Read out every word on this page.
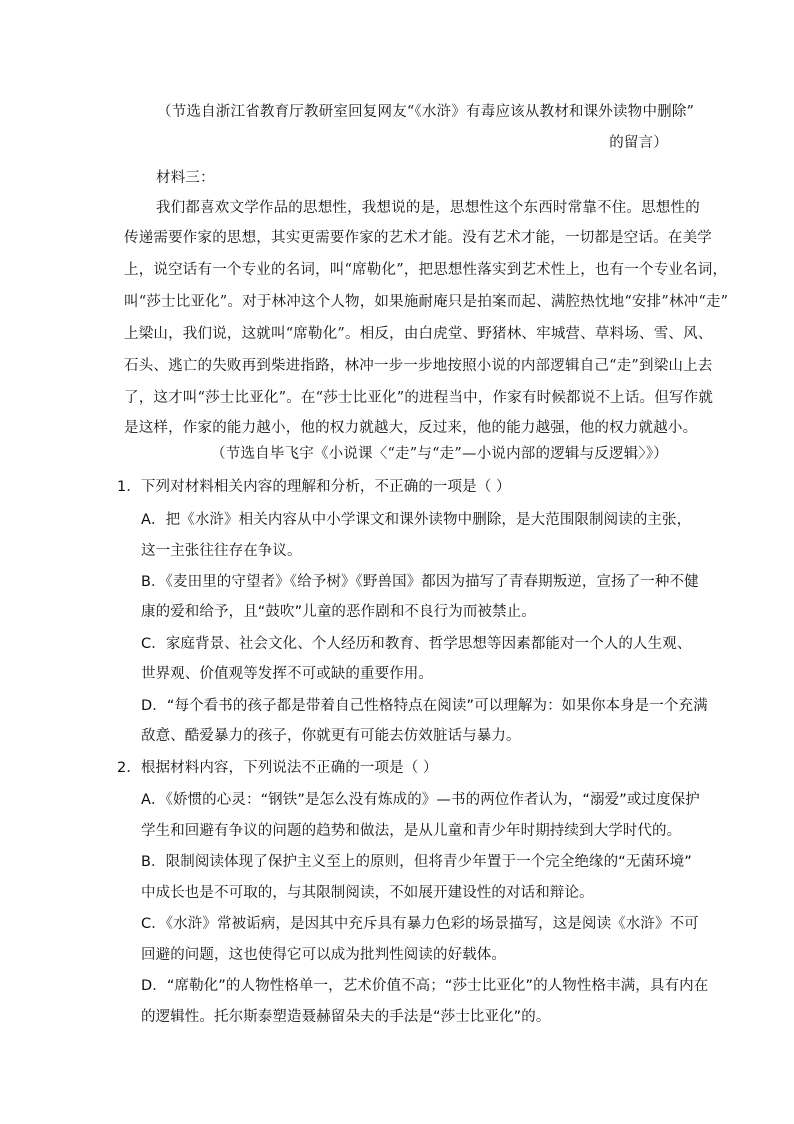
（节选自浙江省教育厅教研室回复网友“《水浒》有毒应该从教材和课外读物中删除”
的留言）
材料三：
我们都喜欢文学作品的思想性，我想说的是，思想性这个东西时常靠不住。思想性的
传递需要作家的思想，其实更需要作家的艺术才能。没有艺术才能，一切都是空话。在美学
上，说空话有一个专业的名词，叫“席勒化”，把思想性落实到艺术性上，也有一个专业名词，
叫“莎士比亚化”。对于林冲这个人物，如果施耐庵只是拍案而起、满腔热忱地“安排”林冲“走”
上梁山，我们说，这就叫“席勒化”。相反，由白虎堂、野猪林、牢城营、草料场、雪、风、
石头、逃亡的失败再到柴进指路，林冲一步一步地按照小说的内部逻辑自己“走”到梁山上去
了，这才叫“莎士比亚化”。在“莎士比亚化”的进程当中，作家有时候都说不上话。但写作就
是这样，作家的能力越小，他的权力就越大，反过来，他的能力越强，他的权力就越小。
（节选自毕飞宇《小说课〈“走”与“走”—小说内部的逻辑与反逻辑〉》）
1．下列对材料相关内容的理解和分析，不正确的一项是（ ）
A．把《水浒》相关内容从中小学课文和课外读物中删除，是大范围限制阅读的主张，
这一主张往往存在争议。
B．《麦田里的守望者》《给予树》《野兽国》都因为描写了青春期叛逆，宣扬了一种不健
康的爱和给予，且“鼓吹”儿童的恶作剧和不良行为而被禁止。
C．家庭背景、社会文化、个人经历和教育、哲学思想等因素都能对一个人的人生观、
世界观、价值观等发挥不可或缺的重要作用。
D．“每个看书的孩子都是带着自己性格特点在阅读”可以理解为：如果你本身是一个充满
敌意、酷爱暴力的孩子，你就更有可能去仿效脏话与暴力。
2．根据材料内容，下列说法不正确的一项是（ ）
A．《娇惯的心灵：“钢铁”是怎么没有炼成的》—书的两位作者认为，“溺爱”或过度保护
学生和回避有争议的问题的趋势和做法，是从儿童和青少年时期持续到大学时代的。
B．限制阅读体现了保护主义至上的原则，但将青少年置于一个完全绝缘的“无菌环境”
中成长也是不可取的，与其限制阅读，不如展开建设性的对话和辩论。
C．《水浒》常被诟病，是因其中充斥具有暴力色彩的场景描写，这是阅读《水浒》不可
回避的问题，这也使得它可以成为批判性阅读的好载体。
D．“席勒化”的人物性格单一，艺术价值不高；“莎士比亚化”的人物性格丰满，具有内在
的逻辑性。托尔斯泰塑造聂赫留朵夫的手法是“莎士比亚化”的。
